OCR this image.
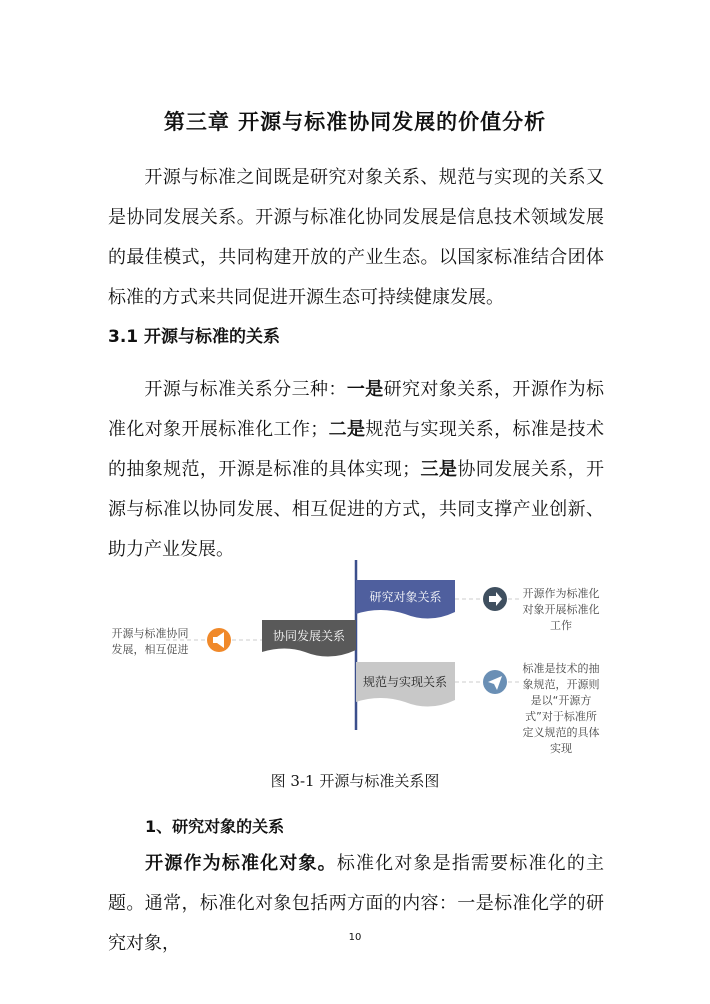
第三章 开源与标准协同发展的价值分析

开源与标准之间既是研究对象关系、规范与实现的关系又是协同发展关系。开源与标准化协同发展是信息技术领域发展的最佳模式，共同构建开放的产业生态。以国家标准结合团体标准的方式来共同促进开源生态可持续健康发展。

3.1 开源与标准的关系

开源与标准关系分三种：一是研究对象关系，开源作为标准化对象开展标准化工作；二是规范与实现关系，标准是技术的抽象规范，开源是标准的具体实现；三是协同发展关系，开源与标准以协同发展、相互促进的方式，共同支撑产业创新、助力产业发展。

开源与标准协同发展，相互促进
协同发展关系
研究对象关系
规范与实现关系
开源作为标准化对象开展标准化工作
标准是技术的抽象规范，开源则是以“开源方式”对于标准所定义规范的具体实现

图 3-1 开源与标准关系图

1、研究对象的关系

开源作为标准化对象。标准化对象是指需要标准化的主题。通常，标准化对象包括两方面的内容：一是标准化学的研究对象，	10
